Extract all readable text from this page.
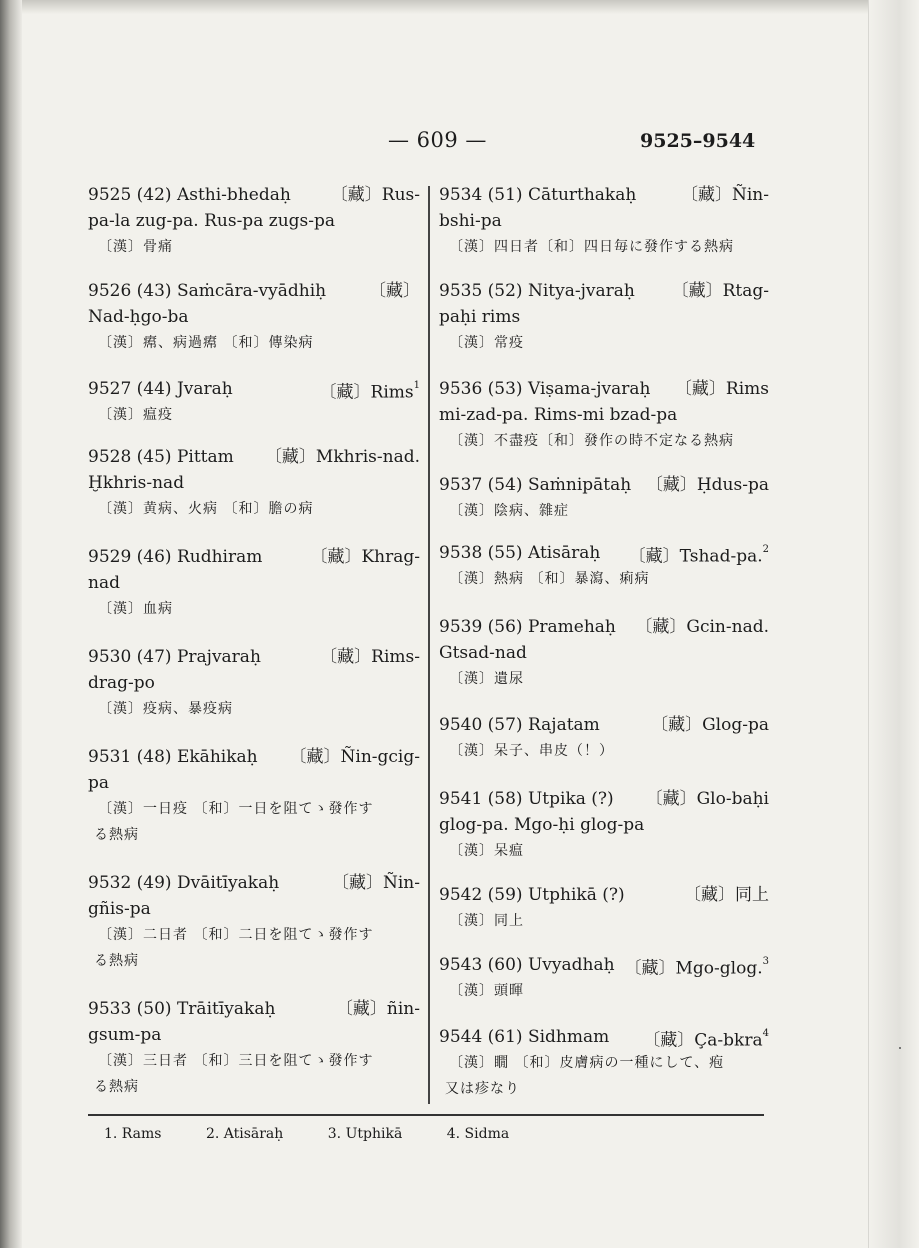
— 609 —	9525–9544
9525 (42) Asthi-bhedaḥ 〔藏〕Rus-
pa-la zug-pa. Rus-pa zugs-pa
〔漢〕骨痛
9526 (43) Saṁcāra-vyādhiḥ	〔藏〕
Nad-ḥgo-ba
〔漢〕𤸷、病過𤸷 〔和〕傳染病
9527 (44) Jvaraḥ	〔藏〕Rims$^1$
〔漢〕瘟疫
9528 (45) Pittam 〔藏〕Mkhris-nad.
Ḫkhris-nad
〔漢〕黄病、火病 〔和〕膽の病
9529 (46) Rudhiram	〔藏〕Khrag-
nad
〔漢〕血病
9530 (47) Prajvaraḥ	〔藏〕Rims-
drag-po
〔漢〕疫病、暴疫病
9531 (48) Ekāhikaḥ 〔藏〕Ñin-gcig-
pa
〔漢〕一日疫 〔和〕一日を阻てゝ發作す
る熱病
9532 (49) Dvāitīyakaḥ	〔藏〕Ñin-
gñis-pa
〔漢〕二日者 〔和〕二日を阻てゝ發作す
る熱病
9533 (50) Trāitīyakaḥ	〔藏〕ñin-
gsum-pa
〔漢〕三日者 〔和〕三日を阻てゝ發作す
る熱病
9534 (51) Cāturthakaḥ	〔藏〕Ñin-
bshi-pa
〔漢〕四日者〔和〕四日毎に發作する熱病
9535 (52) Nitya-jvaraḥ 〔藏〕Rtag-
paḥi rims
〔漢〕常疫
9536 (53) Viṣama-jvaraḥ 〔藏〕Rims
mi-zad-pa. Rims-mi bzad-pa
〔漢〕不盡疫〔和〕發作の時不定なる熱病
9537 (54) Saṁnipātaḥ 〔藏〕Ḥdus-pa
〔漢〕陰病、雜症
9538 (55) Atisāraḥ 〔藏〕Tshad-pa.$^2$
〔漢〕熱病 〔和〕暴瀉、痢病
9539 (56) Pramehaḥ 〔藏〕Gcin-nad.
Gtsad-nad
〔漢〕遺尿
9540 (57) Rajatam	〔藏〕Glog-pa
〔漢〕呆子、串皮（！）
9541 (58) Utpika (?) 〔藏〕Glo-baḥi
glog-pa. Mgo-ḥi glog-pa
〔漢〕呆瘟
9542 (59) Utphikā (?)	〔藏〕同上
〔漢〕同上
9543 (60) Uvyadhaḥ 〔藏〕Mgo-glog.$^3$
〔漢〕頭暉
9544 (61) Sidhmam 〔藏〕Ça-bkra$^4$
〔漢〕瞯 〔和〕皮膚病の一種にして、疱
又は疹なり
1. Rams	2. Atisāraḥ	3. Utphikā	4. Sidma
